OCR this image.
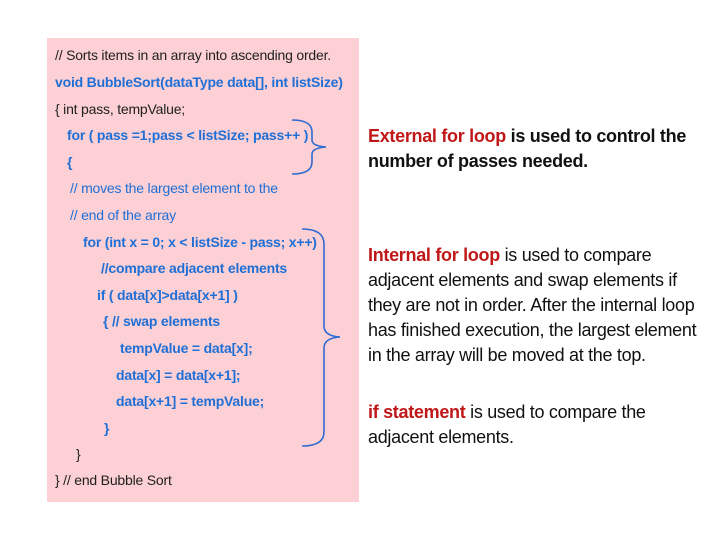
// Sorts items in an array into ascending order.
void BubbleSort(dataType data[], int listSize)
{ int pass, tempValue;
for ( pass =1;pass < listSize; pass++ )
{
// moves the largest element to the
// end of the array
for (int x = 0; x < listSize - pass; x++)
//compare adjacent elements
if ( data[x]>data[x+1] )
{ // swap elements
tempValue = data[x];
data[x] = data[x+1];
data[x+1] = tempValue;
}
}
} // end Bubble Sort
External for loop is used to control the number of passes needed.
Internal for loop is used to compare adjacent elements and swap elements if they are not in order. After the internal loop has finished execution, the largest element in the array will be moved at the top.
if statement is used to compare the adjacent elements.
